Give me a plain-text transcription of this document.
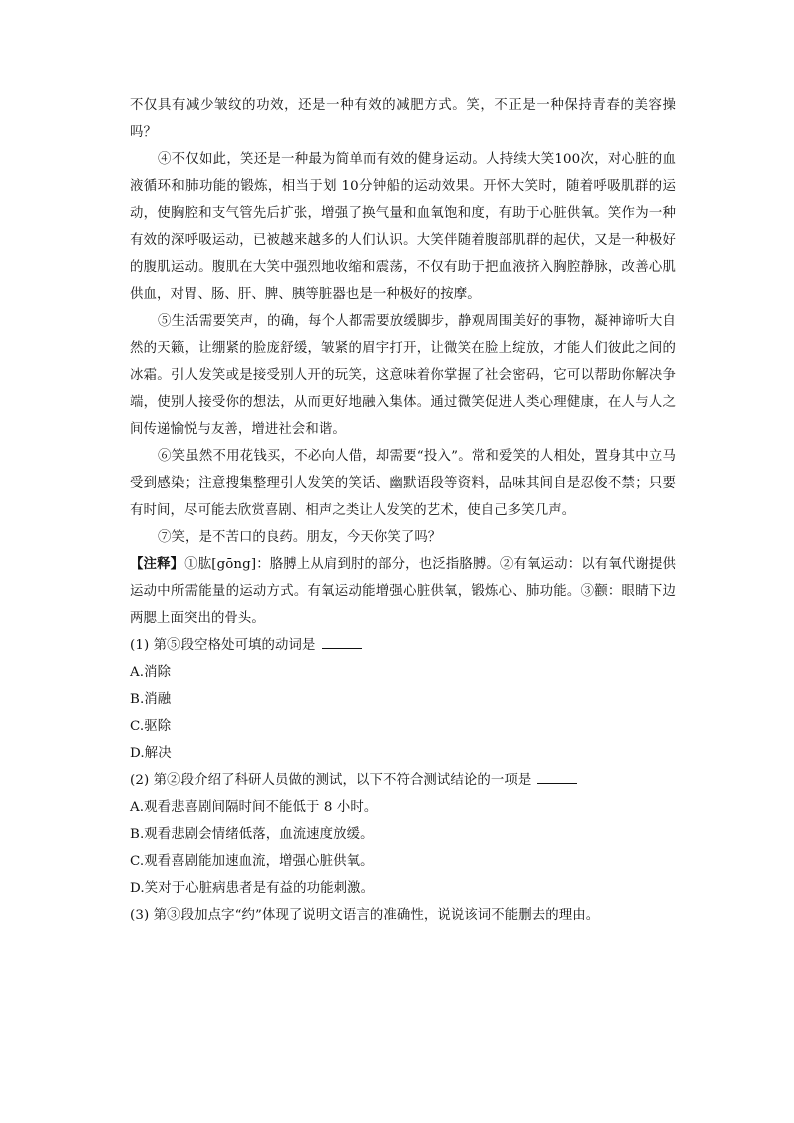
不仅具有减少皱纹的功效，还是一种有效的减肥方式。笑，不正是一种保持青春的美容操吗？

④不仅如此，笑还是一种最为简单而有效的健身运动。人持续大笑100次，对心脏的血液循环和肺功能的锻炼，相当于划 10分钟船的运动效果。开怀大笑时，随着呼吸肌群的运动，使胸腔和支气管先后扩张，增强了换气量和血氧饱和度，有助于心脏供氧。笑作为一种有效的深呼吸运动，已被越来越多的人们认识。大笑伴随着腹部肌群的起伏，又是一种极好的腹肌运动。腹肌在大笑中强烈地收缩和震荡，不仅有助于把血液挤入胸腔静脉，改善心肌供血，对胃、肠、肝、脾、胰等脏器也是一种极好的按摩。

⑤生活需要笑声，的确，每个人都需要放缓脚步，静观周围美好的事物，凝神谛听大自然的天籁，让绷紧的脸庞舒缓，皱紧的眉宇打开，让微笑在脸上绽放，才能人们彼此之间的冰霜。引人发笑或是接受别人开的玩笑，这意味着你掌握了社会密码，它可以帮助你解决争端，使别人接受你的想法，从而更好地融入集体。通过微笑促进人类心理健康，在人与人之间传递愉悦与友善，增进社会和谐。

⑥笑虽然不用花钱买，不必向人借，却需要“投入”。常和爱笑的人相处，置身其中立马受到感染；注意搜集整理引人发笑的笑话、幽默语段等资料，品味其间自是忍俊不禁；只要有时间，尽可能去欣赏喜剧、相声之类让人发笑的艺术，使自己多笑几声。

⑦笑，是不苦口的良药。朋友，今天你笑了吗？

【注释】①肱[gōng]：胳膊上从肩到肘的部分，也泛指胳膊。②有氧运动：以有氧代谢提供运动中所需能量的运动方式。有氧运动能增强心脏供氧，锻炼心、肺功能。③颧：眼睛下边两腮上面突出的骨头。

(1) 第⑤段空格处可填的动词是

A.消除

B.消融

C.驱除

D.解决

(2) 第②段介绍了科研人员做的测试，以下不符合测试结论的一项是

A.观看悲喜剧间隔时间不能低于 8 小时。

B.观看悲剧会情绪低落，血流速度放缓。

C.观看喜剧能加速血流，增强心脏供氧。

D.笑对于心脏病患者是有益的功能刺激。

(3) 第③段加点字“约”体现了说明文语言的准确性，说说该词不能删去的理由。
